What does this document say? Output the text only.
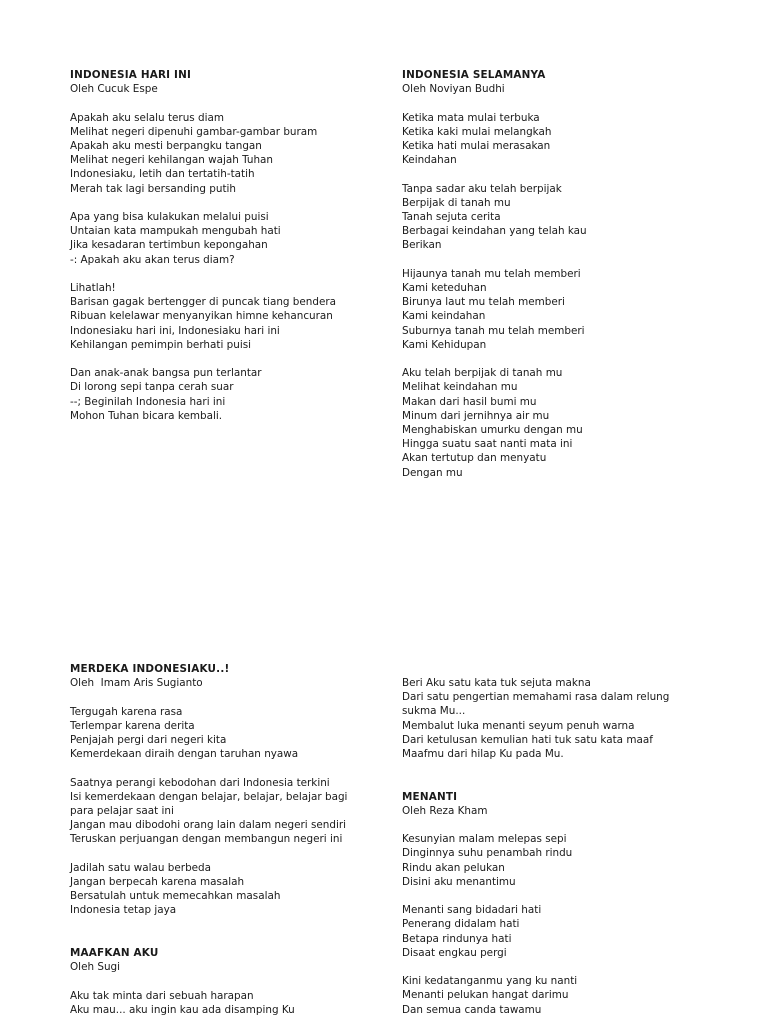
INDONESIA HARI INI
Oleh Cucuk Espe
Apakah aku selalu terus diam
Melihat negeri dipenuhi gambar-gambar buram
Apakah aku mesti berpangku tangan
Melihat negeri kehilangan wajah Tuhan
Indonesiaku, letih dan tertatih-tatih
Merah tak lagi bersanding putih
Apa yang bisa kulakukan melalui puisi
Untaian kata mampukah mengubah hati
Jika kesadaran tertimbun kepongahan
-: Apakah aku akan terus diam?
Lihatlah!
Barisan gagak bertengger di puncak tiang bendera
Ribuan kelelawar menyanyikan himne kehancuran
Indonesiaku hari ini, Indonesiaku hari ini
Kehilangan pemimpin berhati puisi
Dan anak-anak bangsa pun terlantar
Di lorong sepi tanpa cerah suar
--; Beginilah Indonesia hari ini
Mohon Tuhan bicara kembali.
INDONESIA SELAMANYA
Oleh Noviyan Budhi
Ketika mata mulai terbuka
Ketika kaki mulai melangkah
Ketika hati mulai merasakan
Keindahan
Tanpa sadar aku telah berpijak
Berpijak di tanah mu
Tanah sejuta cerita
Berbagai keindahan yang telah kau
Berikan
Hijaunya tanah mu telah memberi
Kami keteduhan
Birunya laut mu telah memberi
Kami keindahan
Suburnya tanah mu telah memberi
Kami Kehidupan
Aku telah berpijak di tanah mu
Melihat keindahan mu
Makan dari hasil bumi mu
Minum dari jernihnya air mu
Menghabiskan umurku dengan mu
Hingga suatu saat nanti mata ini
Akan tertutup dan menyatu
Dengan mu
MERDEKA INDONESIAKU..!
Oleh  Imam Aris Sugianto
Tergugah karena rasa
Terlempar karena derita
Penjajah pergi dari negeri kita
Kemerdekaan diraih dengan taruhan nyawa
Saatnya perangi kebodohan dari Indonesia terkini
Isi kemerdekaan dengan belajar, belajar, belajar bagi para pelajar saat ini
Jangan mau dibodohi orang lain dalam negeri sendiri
Teruskan perjuangan dengan membangun negeri ini
Jadilah satu walau berbeda
Jangan berpecah karena masalah
Bersatulah untuk memecahkan masalah
Indonesia tetap jaya
MAAFKAN AKU
Oleh Sugi
Aku tak minta dari sebuah harapan
Aku mau... aku ingin kau ada disamping Ku
Beri Aku satu kata tuk sejuta makna
Dari satu pengertian memahami rasa dalam relung sukma Mu...
Membalut luka menanti seyum penuh warna
Dari ketulusan kemulian hati tuk satu kata maaf
Maafmu dari hilap Ku pada Mu.
MENANTI
Oleh Reza Kham
Kesunyian malam melepas sepi
Dinginnya suhu penambah rindu
Rindu akan pelukan
Disini aku menantimu
Menanti sang bidadari hati
Penerang didalam hati
Betapa rindunya hati
Disaat engkau pergi
Kini kedatanganmu yang ku nanti
Menanti pelukan hangat darimu
Dan semua canda tawamu
